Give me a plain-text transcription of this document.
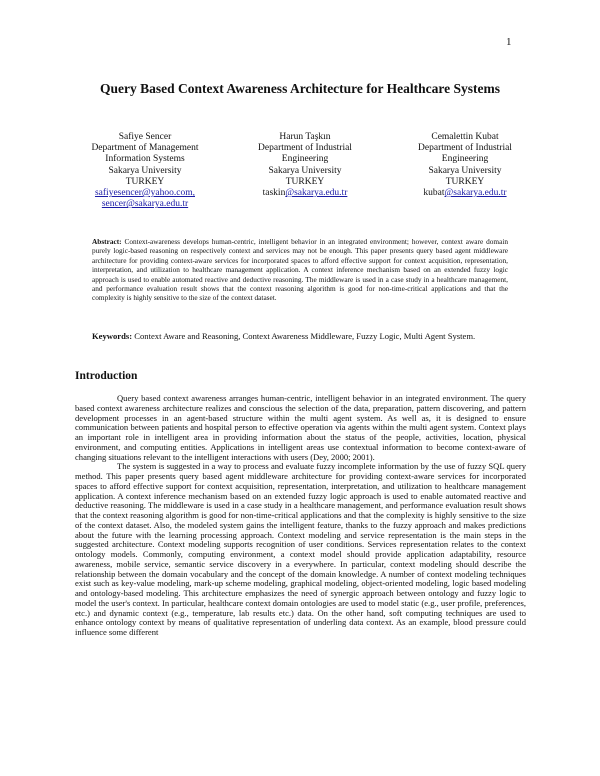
1
Query Based Context Awareness Architecture for Healthcare Systems
Safiye Sencer
Department of Management
Information Systems
Sakarya University
TURKEY
safiyesencer@yahoo.com,
sencer@sakarya.edu.tr
Harun Taşkın
Department of Industrial
Engineering
Sakarya University
TURKEY
taskin@sakarya.edu.tr
Cemalettin Kubat
Department of Industrial
Engineering
Sakarya University
TURKEY
kubat@sakarya.edu.tr
Abstract: Context-awareness develops human-centric, intelligent behavior in an integrated environment; however, context aware domain purely logic-based reasoning on respectively context and services may not be enough. This paper presents query based agent middleware architecture for providing context-aware services for incorporated spaces to afford effective support for context acquisition, representation, interpretation, and utilization to healthcare management application. A context inference mechanism based on an extended fuzzy logic approach is used to enable automated reactive and deductive reasoning. The middleware is used in a case study in a healthcare management, and performance evaluation result shows that the context reasoning algorithm is good for non-time-critical applications and that the complexity is highly sensitive to the size of the context dataset.
Keywords: Context Aware and Reasoning, Context Awareness Middleware, Fuzzy Logic, Multi Agent System.
Introduction

Query based context awareness arranges human-centric, intelligent behavior in an integrated environment. The query based context awareness architecture realizes and conscious the selection of the data, preparation, pattern discovering, and pattern development processes in an agent-based structure within the multi agent system. As well as, it is designed to ensure communication between patients and hospital person to effective operation via agents within the multi agent system. Context plays an important role in intelligent area in providing information about the status of the people, activities, location, physical environment, and computing entities. Applications in intelligent areas use contextual information to become context-aware of changing situations relevant to the intelligent interactions with users (Dey, 2000; 2001).

The system is suggested in a way to process and evaluate fuzzy incomplete information by the use of fuzzy SQL query method. This paper presents query based agent middleware architecture for providing context-aware services for incorporated spaces to afford effective support for context acquisition, representation, interpretation, and utilization to healthcare management application. A context inference mechanism based on an extended fuzzy logic approach is used to enable automated reactive and deductive reasoning. The middleware is used in a case study in a healthcare management, and performance evaluation result shows that the context reasoning algorithm is good for non-time-critical applications and that the complexity is highly sensitive to the size of the context dataset. Also, the modeled system gains the intelligent feature, thanks to the fuzzy approach and makes predictions about the future with the learning processing approach. Context modeling and service representation is the main steps in the suggested architecture. Context modeling supports recognition of user conditions. Services representation relates to the context ontology models. Commonly, computing environment, a context model should provide application adaptability, resource awareness, mobile service, semantic service discovery in a everywhere. In particular, context modeling should describe the relationship between the domain vocabulary and the concept of the domain knowledge. A number of context modeling techniques exist such as key-value modeling, mark-up scheme modeling, graphical modeling, object-oriented modeling, logic based modeling and ontology-based modeling. This architecture emphasizes the need of synergic approach between ontology and fuzzy logic to model the user's context. In particular, healthcare context domain ontologies are used to model static (e.g., user profile, preferences, etc.) and dynamic context (e.g., temperature, lab results etc.) data. On the other hand, soft computing techniques are used to enhance ontology context by means of qualitative representation of underling data context. As an example, blood pressure could influence some different
